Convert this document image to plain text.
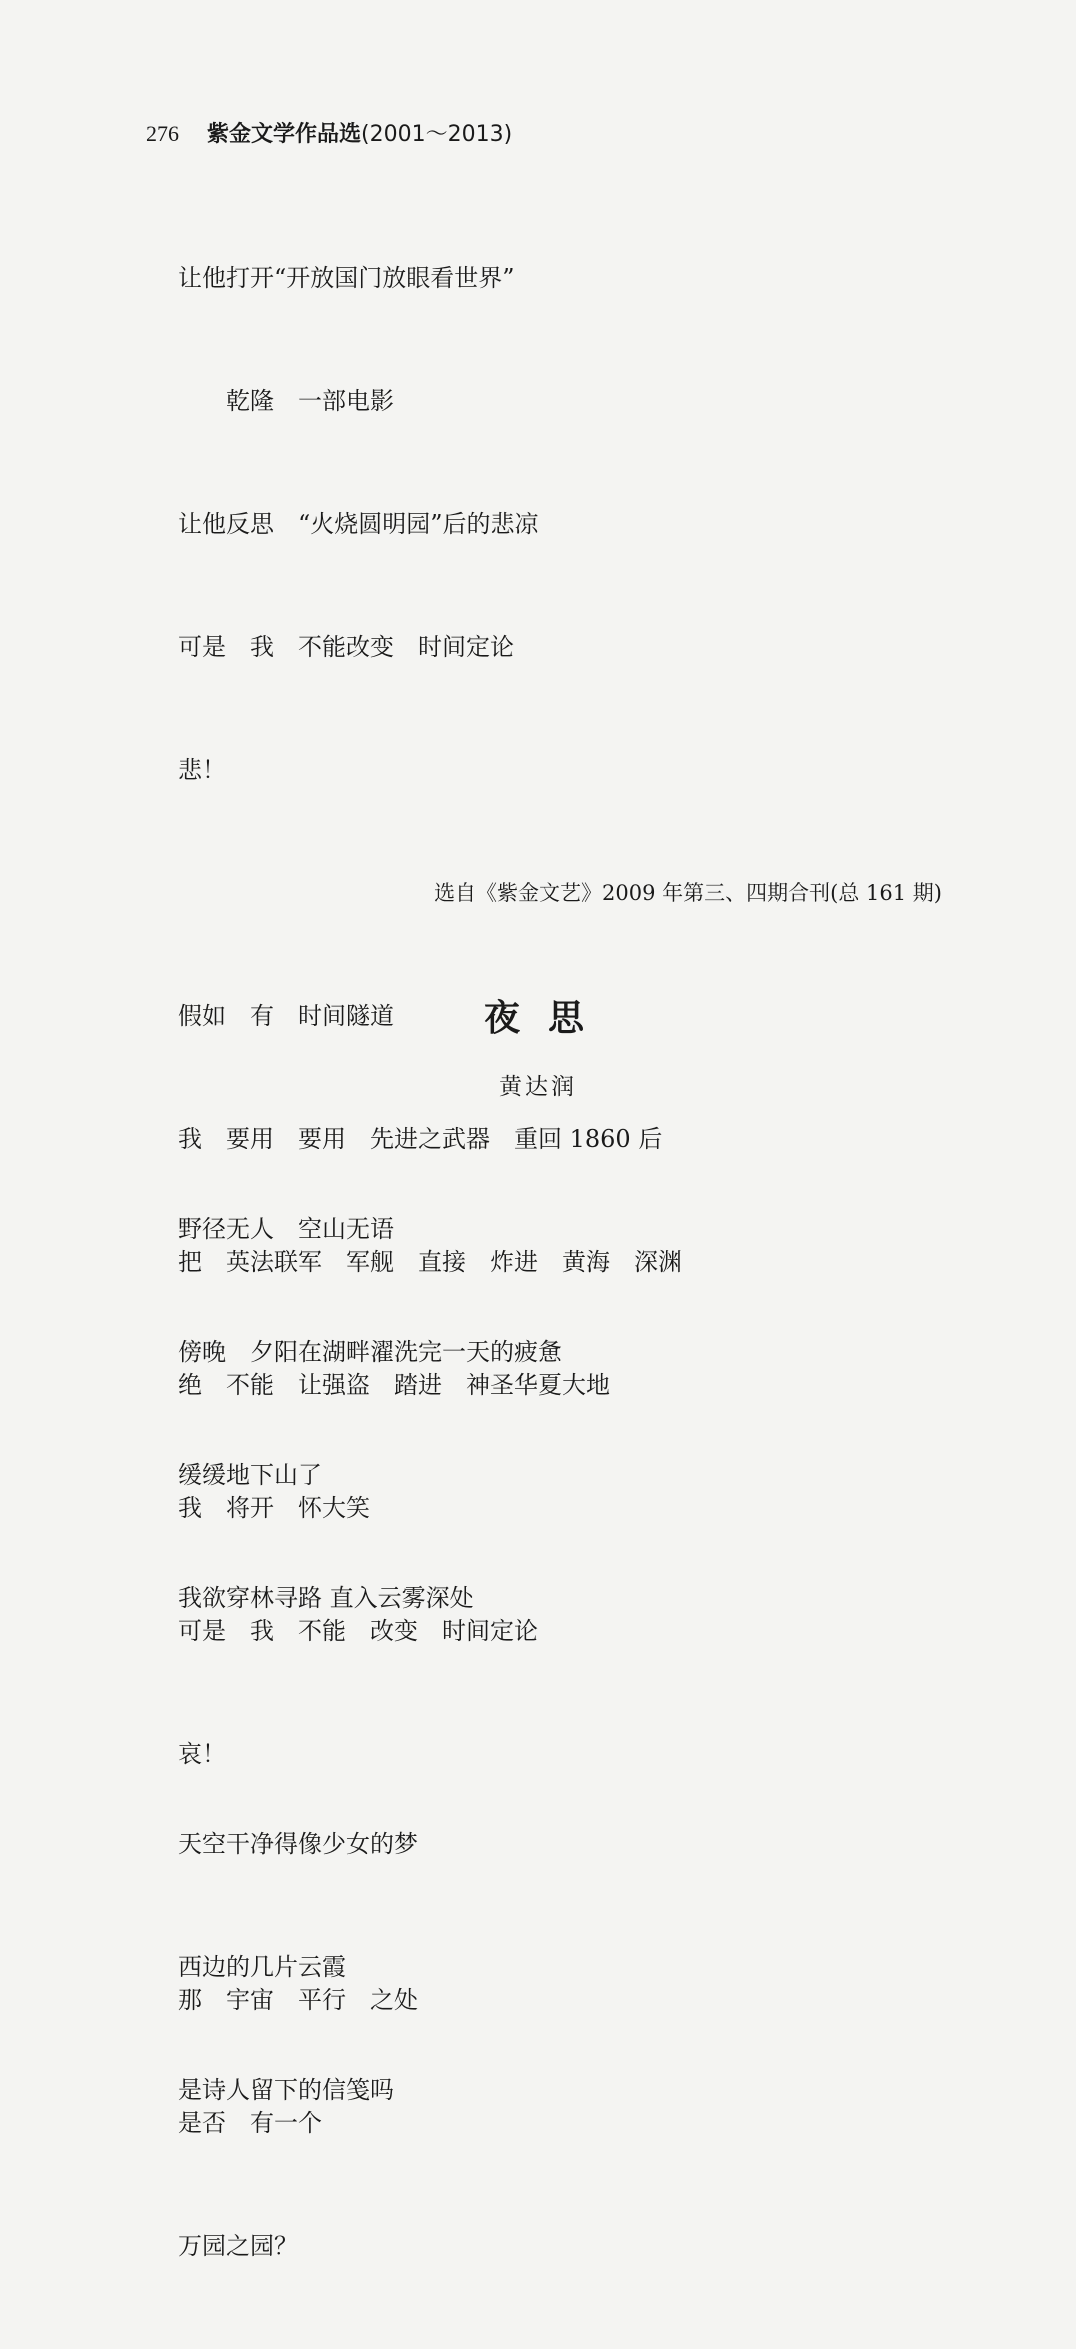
276 紫金文学作品选(2001～2013)

让他打开“开放国门放眼看世界”

　　乾隆　一部电影

让他反思　“火烧圆明园”后的悲凉

可是　我　不能改变　时间定论

悲！

假如　有　时间隧道

我　要用　要用　先进之武器　重回 1860 后

把　英法联军　军舰　直接　炸进　黄海　深渊

绝　不能　让强盗　踏进　神圣华夏大地

我　将开　怀大笑

可是　我　不能　改变　时间定论

哀！

那　宇宙　平行　之处

是否　有一个

万园之园？

选自《紫金文艺》2009 年第三、四期合刊(总 161 期)
夜思
黄达润

野径无人　空山无语

傍晚　夕阳在湖畔濯洗完一天的疲惫

缓缓地下山了

我欲穿林寻路 直入云雾深处

天空干净得像少女的梦

西边的几片云霞

是诗人留下的信笺吗
